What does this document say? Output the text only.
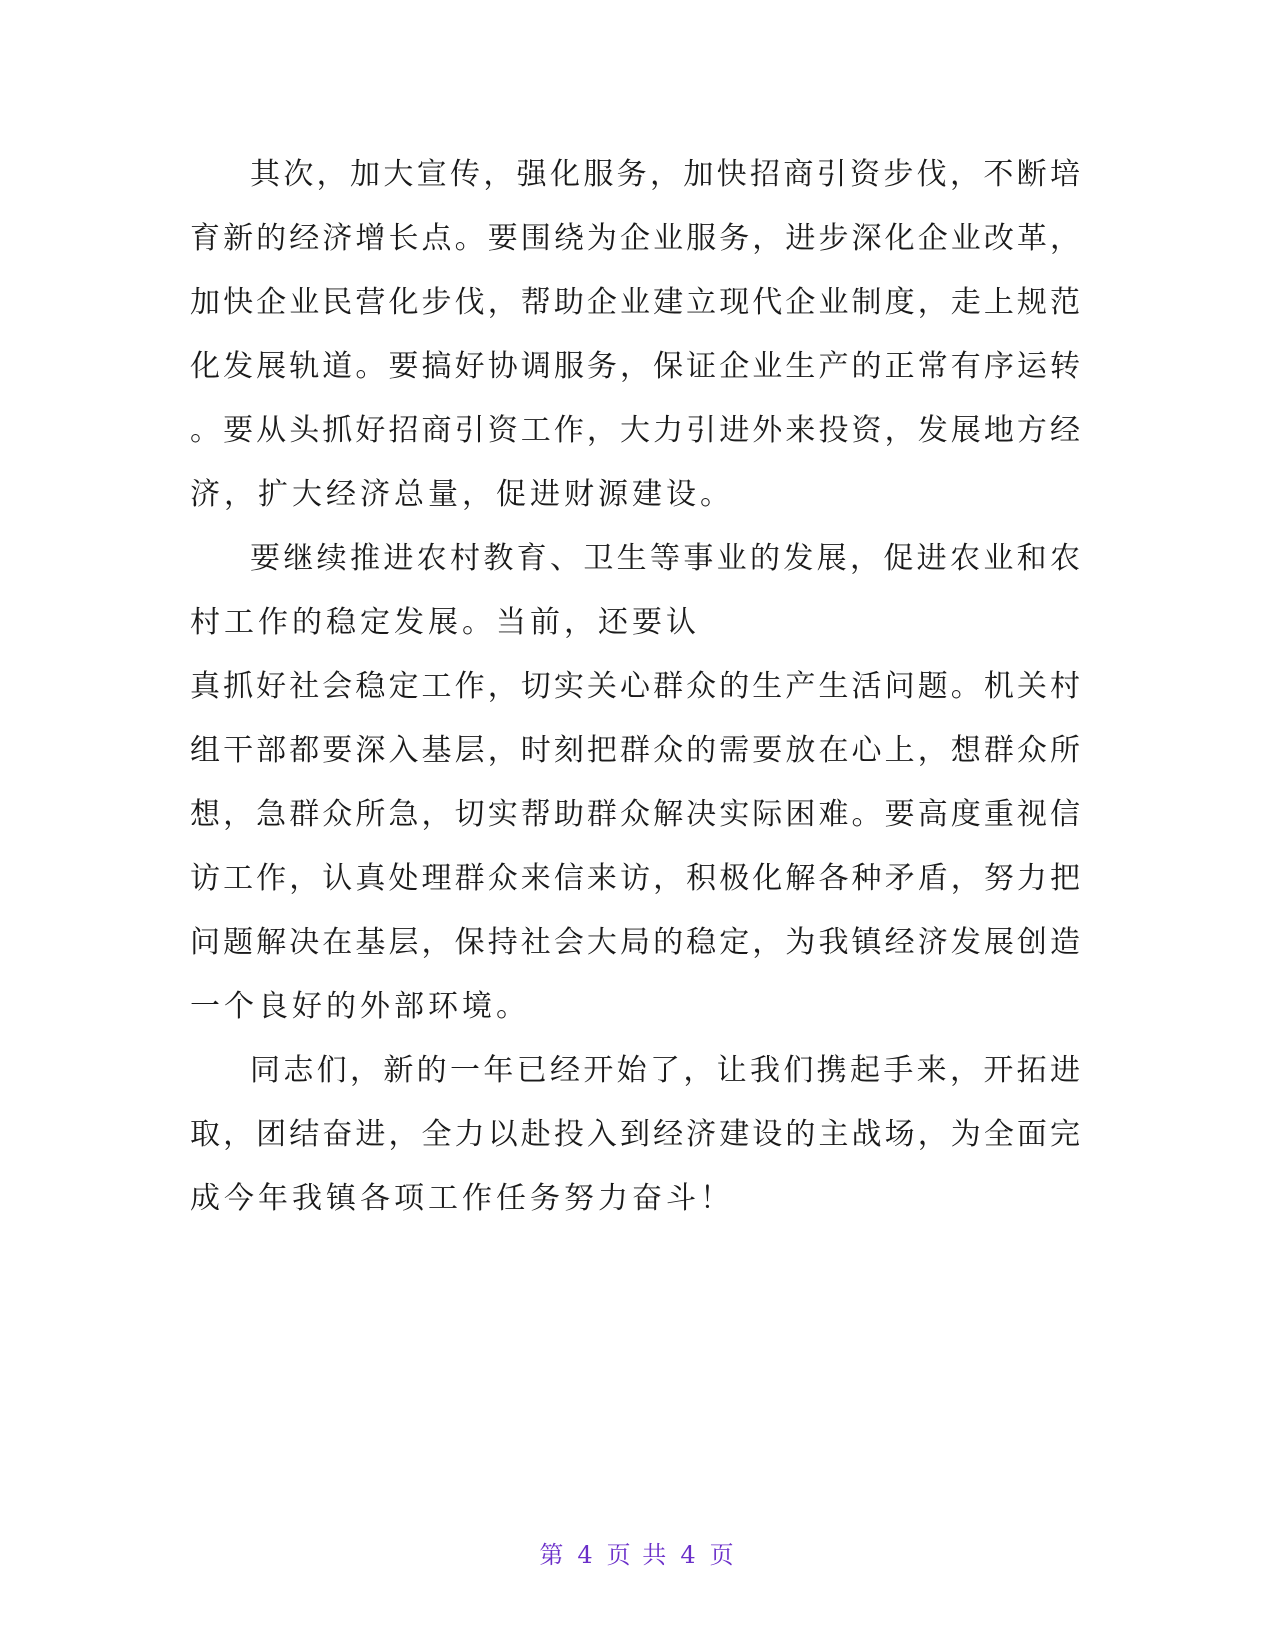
其次，加大宣传，强化服务，加快招商引资步伐，不断培
育新的经济增长点。要围绕为企业服务，进步深化企业改革，
加快企业民营化步伐，帮助企业建立现代企业制度，走上规范
化发展轨道。要搞好协调服务，保证企业生产的正常有序运转
。要从头抓好招商引资工作，大力引进外来投资，发展地方经
济，扩大经济总量，促进财源建设。
要继续推进农村教育、卫生等事业的发展，促进农业和农
村工作的稳定发展。当前，还要认
真抓好社会稳定工作，切实关心群众的生产生活问题。机关村
组干部都要深入基层，时刻把群众的需要放在心上，想群众所
想，急群众所急，切实帮助群众解决实际困难。要高度重视信
访工作，认真处理群众来信来访，积极化解各种矛盾，努力把
问题解决在基层，保持社会大局的稳定，为我镇经济发展创造
一个良好的外部环境。
同志们，新的一年已经开始了，让我们携起手来，开拓进
取，团结奋进，全力以赴投入到经济建设的主战场，为全面完
成今年我镇各项工作任务努力奋斗！
第 4 页 共 4 页
